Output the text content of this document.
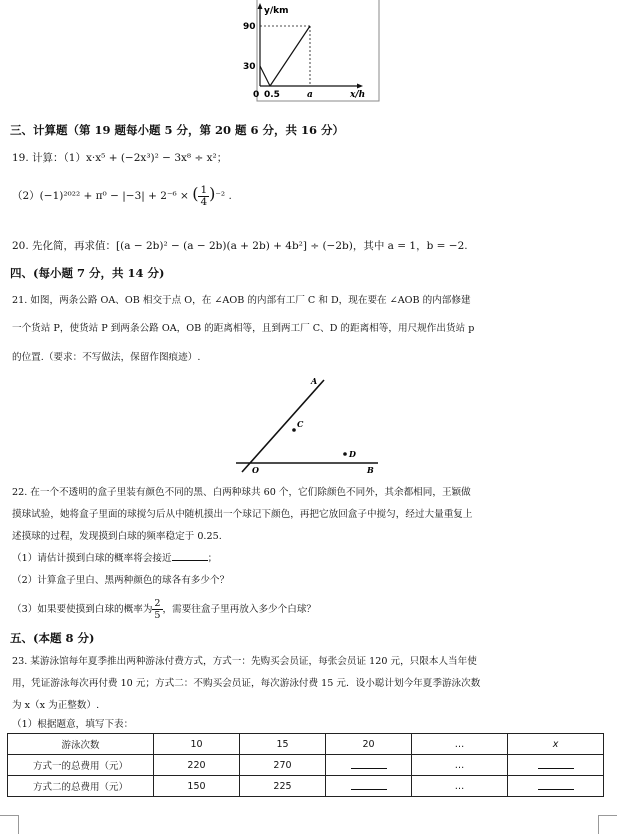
y/km
90
30
0 0.5	a	x/h
三、计算题（第 19 题每小题 5 分，第 20 题 6 分，共 16 分）
19. 计算：（1）x·x⁵ + (−2x³)² − 3x⁸ ÷ x²；
（2）(−1)²⁰²² + π⁰ − |−3| + 2⁻⁶ × ( $\frac{1}{4} )^{-2}$ .
20. 先化简，再求值：[(a − 2b)² − (a − 2b)(a + 2b) + 4b²] ÷ (−2b)，其中 a = 1，b = −2.
四、(每小题 7 分，共 14 分)
21. 如图，两条公路 OA、OB 相交于点 O，在 ∠AOB 的内部有工厂 C 和 D，现在要在 ∠AOB 的内部修建
一个货站 P，使货站 P 到两条公路 OA，OB 的距离相等，且到两工厂 C、D 的距离相等，用尺规作出货站 p
的位置.（要求：不写做法，保留作图痕迹）.
A
C
D
O	B
22. 在一个不透明的盒子里装有颜色不同的黑、白两种球共 60 个，它们除颜色不同外，其余都相同，王颖做
摸球试验，她将盒子里面的球搅匀后从中随机摸出一个球记下颜色，再把它放回盒子中搅匀，经过大量重复上
述摸球的过程，发现摸到白球的频率稳定于 0.25.
（1）请估计摸到白球的概率将会接近	；
（2）计算盒子里白、黑两种颜色的球各有多少个？
（3）如果要使摸到白球的概率为 $\frac{2}{5}$ ，需要往盒子里再放入多少个白球？
五、(本题 8 分)
23. 某游泳馆每年夏季推出两种游泳付费方式，方式一：先购买会员证，每张会员证 120 元，只限本人当年使
用，凭证游泳每次再付费 10 元；方式二：不购买会员证，每次游泳付费 15 元．设小聪计划今年夏季游泳次数
为 x（x 为正整数）.
（1）根据题意，填写下表：
游泳次数	10	15	20	…	x
方式一的总费用（元）	220	270		…	
方式二的总费用（元）	150	225		…	
